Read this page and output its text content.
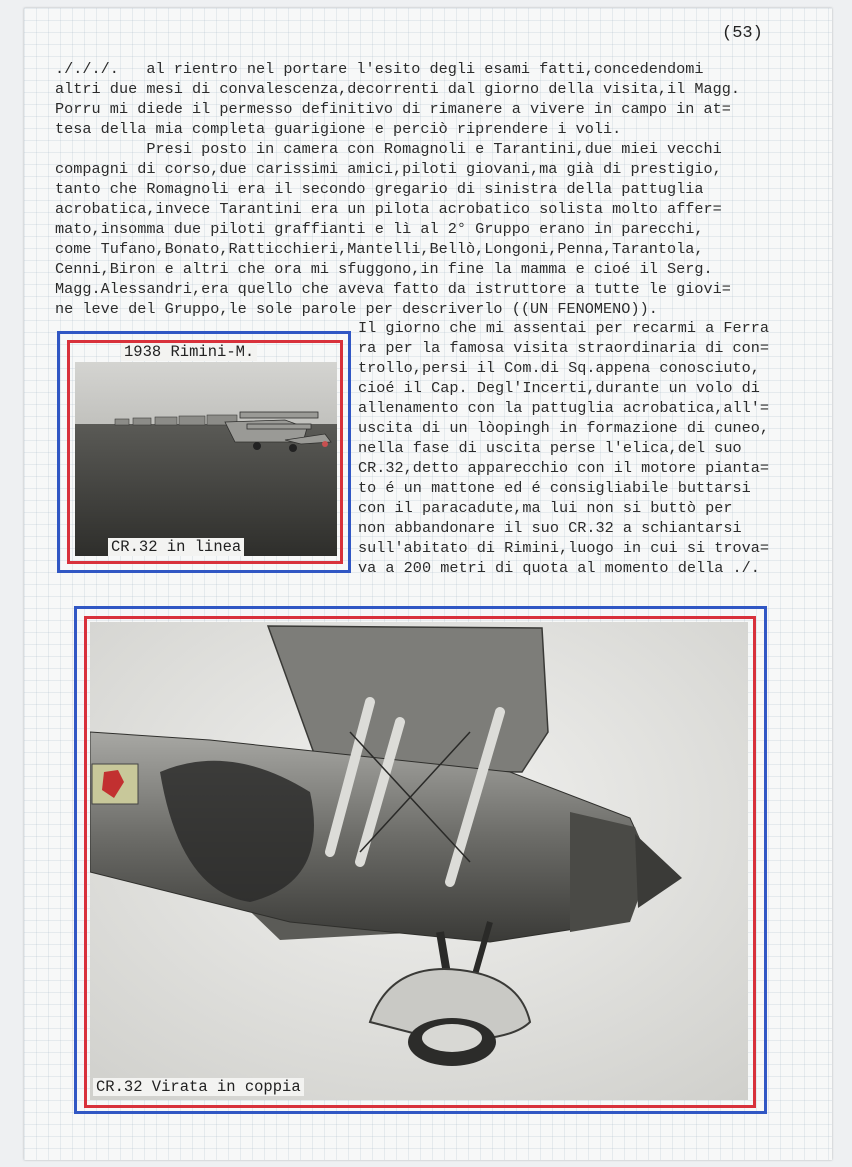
(53)
./././.   al rientro nel portare l'esito degli esami fatti,concedendomi
altri due mesi di convalescenza,decorrenti dal giorno della visita,il Magg.
Porru mi diede il permesso definitivo di rimanere a vivere in campo in at=
tesa della mia completa guarigione e perciò riprendere i voli.
Presi posto in camera con Romagnoli e Tarantini,due miei vecchi
compagni di corso,due carissimi amici,piloti giovani,ma già di prestigio,
tanto che Romagnoli era il secondo gregario di sinistra della pattuglia
acrobatica,invece Tarantini era un pilota acrobatico solista molto affer=
mato,insomma due piloti graffianti e lì al 2° Gruppo erano in parecchi,
come Tufano,Bonato,Ratticchieri,Mantelli,Bellò,Longoni,Penna,Tarantola,
Cenni,Biron e altri che ora mi sfuggono,in fine la mamma e cioé il Serg.
Magg.Alessandri,era quello che aveva fatto da istruttore a tutte le giovi=
ne leve del Gruppo,le sole parole per descriverlo ((UN FENOMENO)).
Il giorno che mi assentai per recarmi a Ferra
ra per la famosa visita straordinaria di con=
trollo,persi il Com.di Sq.appena conosciuto,
cioé il Cap. Degl'Incerti,durante un volo di
allenamento con la pattuglia acrobatica,all'=
uscita di un lòopingh in formazione di cuneo,
nella fase di uscita perse l'elica,del suo
CR.32,detto apparecchio con il motore pianta=
to é un mattone ed é consigliabile buttarsi
con il paracadute,ma lui non si buttò per
non abbandonare il suo CR.32 a schiantarsi
sull'abitato di Rimini,luogo in cui si trova=
va a 200 metri di quota al momento della ./.
1938 Rimini-M.
CR.32 in linea
CR.32 Virata in coppia
